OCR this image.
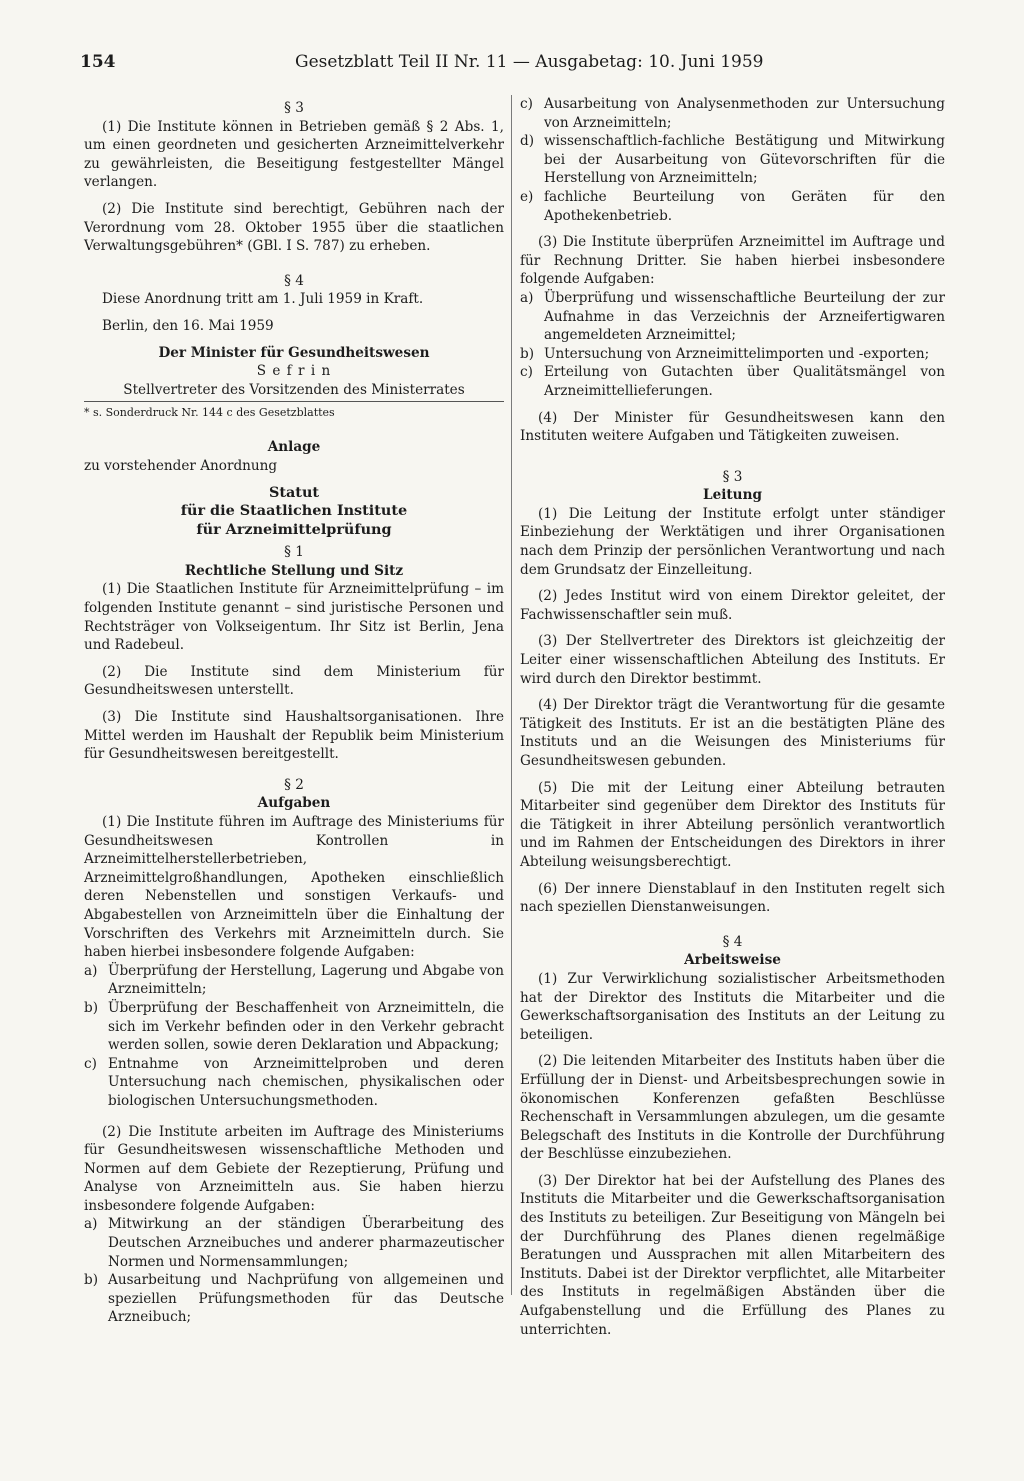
154	Gesetzblatt Teil II Nr. 11 — Ausgabetag: 10. Juni 1959

§ 3

(1) Die Institute können in Betrieben gemäß § 2 Abs. 1, um einen geordneten und gesicherten Arzneimittelverkehr zu gewährleisten, die Beseitigung festgestellter Mängel verlangen.

(2) Die Institute sind berechtigt, Gebühren nach der Verordnung vom 28. Oktober 1955 über die staatlichen Verwaltungsgebühren* (GBl. I S. 787) zu erheben.

§ 4

Diese Anordnung tritt am 1. Juli 1959 in Kraft.

Berlin, den 16. Mai 1959

Der Minister für Gesundheitswesen

S e f r i n

Stellvertreter des Vorsitzenden des Ministerrates

* s. Sonderdruck Nr. 144 c des Gesetzblattes

Anlage

zu vorstehender Anordnung

Statut

für die Staatlichen Institute

für Arzneimittelprüfung

§ 1

Rechtliche Stellung und Sitz

(1) Die Staatlichen Institute für Arzneimittelprüfung – im folgenden Institute genannt – sind juristische Personen und Rechtsträger von Volkseigentum. Ihr Sitz ist Berlin, Jena und Radebeul.

(2) Die Institute sind dem Ministerium für Gesundheitswesen unterstellt.

(3) Die Institute sind Haushaltsorganisationen. Ihre Mittel werden im Haushalt der Republik beim Ministerium für Gesundheitswesen bereitgestellt.

§ 2

Aufgaben

(1) Die Institute führen im Auftrage des Ministeriums für Gesundheitswesen Kontrollen in Arzneimittelherstellerbetrieben, Arzneimittelgroßhandlungen, Apotheken einschließlich deren Nebenstellen und sonstigen Verkaufs- und Abgabestellen von Arzneimitteln über die Einhaltung der Vorschriften des Verkehrs mit Arzneimitteln durch. Sie haben hierbei insbesondere folgende Aufgaben:

a) Überprüfung der Herstellung, Lagerung und Abgabe von Arzneimitteln;
b) Überprüfung der Beschaffenheit von Arzneimitteln, die sich im Verkehr befinden oder in den Verkehr gebracht werden sollen, sowie deren Deklaration und Abpackung;
c) Entnahme von Arzneimittelproben und deren Untersuchung nach chemischen, physikalischen oder biologischen Untersuchungsmethoden.

(2) Die Institute arbeiten im Auftrage des Ministeriums für Gesundheitswesen wissenschaftliche Methoden und Normen auf dem Gebiete der Rezeptierung, Prüfung und Analyse von Arzneimitteln aus. Sie haben hierzu insbesondere folgende Aufgaben:

a) Mitwirkung an der ständigen Überarbeitung des Deutschen Arzneibuches und anderer pharmazeutischer Normen und Normensammlungen;
b) Ausarbeitung und Nachprüfung von allgemeinen und speziellen Prüfungsmethoden für das Deutsche Arzneibuch;
c) Ausarbeitung von Analysenmethoden zur Untersuchung von Arzneimitteln;
d) wissenschaftlich-fachliche Bestätigung und Mitwirkung bei der Ausarbeitung von Gütevorschriften für die Herstellung von Arzneimitteln;
e) fachliche Beurteilung von Geräten für den Apothekenbetrieb.

(3) Die Institute überprüfen Arzneimittel im Auftrage und für Rechnung Dritter. Sie haben hierbei insbesondere folgende Aufgaben:

a) Überprüfung und wissenschaftliche Beurteilung der zur Aufnahme in das Verzeichnis der Arzneifertigwaren angemeldeten Arzneimittel;
b) Untersuchung von Arzneimittelimporten und -exporten;
c) Erteilung von Gutachten über Qualitätsmängel von Arzneimittellieferungen.

(4) Der Minister für Gesundheitswesen kann den Instituten weitere Aufgaben und Tätigkeiten zuweisen.

§ 3

Leitung

(1) Die Leitung der Institute erfolgt unter ständiger Einbeziehung der Werktätigen und ihrer Organisationen nach dem Prinzip der persönlichen Verantwortung und nach dem Grundsatz der Einzelleitung.

(2) Jedes Institut wird von einem Direktor geleitet, der Fachwissenschaftler sein muß.

(3) Der Stellvertreter des Direktors ist gleichzeitig der Leiter einer wissenschaftlichen Abteilung des Instituts. Er wird durch den Direktor bestimmt.

(4) Der Direktor trägt die Verantwortung für die gesamte Tätigkeit des Instituts. Er ist an die bestätigten Pläne des Instituts und an die Weisungen des Ministeriums für Gesundheitswesen gebunden.

(5) Die mit der Leitung einer Abteilung betrauten Mitarbeiter sind gegenüber dem Direktor des Instituts für die Tätigkeit in ihrer Abteilung persönlich verantwortlich und im Rahmen der Entscheidungen des Direktors in ihrer Abteilung weisungsberechtigt.

(6) Der innere Dienstablauf in den Instituten regelt sich nach speziellen Dienstanweisungen.

§ 4

Arbeitsweise

(1) Zur Verwirklichung sozialistischer Arbeitsmethoden hat der Direktor des Instituts die Mitarbeiter und die Gewerkschaftsorganisation des Instituts an der Leitung zu beteiligen.

(2) Die leitenden Mitarbeiter des Instituts haben über die Erfüllung der in Dienst- und Arbeitsbesprechungen sowie in ökonomischen Konferenzen gefaßten Beschlüsse Rechenschaft in Versammlungen abzulegen, um die gesamte Belegschaft des Instituts in die Kontrolle der Durchführung der Beschlüsse einzubeziehen.

(3) Der Direktor hat bei der Aufstellung des Planes des Instituts die Mitarbeiter und die Gewerkschaftsorganisation des Instituts zu beteiligen. Zur Beseitigung von Mängeln bei der Durchführung des Planes dienen regelmäßige Beratungen und Aussprachen mit allen Mitarbeitern des Instituts. Dabei ist der Direktor verpflichtet, alle Mitarbeiter des Instituts in regelmäßigen Abständen über die Aufgabenstellung und die Erfüllung des Planes zu unterrichten.
